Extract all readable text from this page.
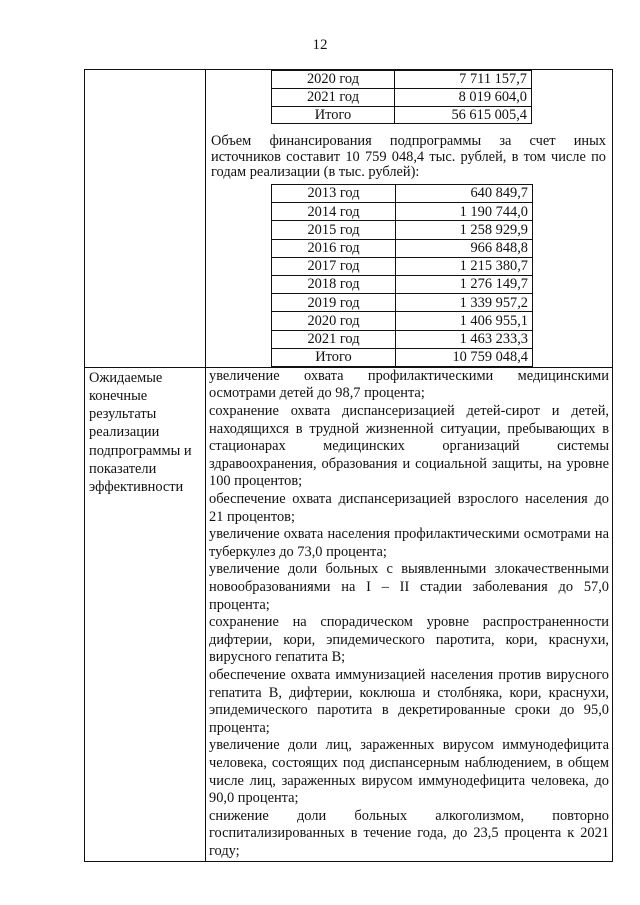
12

2020 год	7 711 157,7
2021 год	8 019 604,0
Итого	56 615 005,4

Объем финансирования подпрограммы за счет иных источников составит 10 759 048,4 тыс. рублей, в том числе по годам реализации (в тыс. рублей):

2013 год	640 849,7
2014 год	1 190 744,0
2015 год	1 258 929,9
2016 год	966 848,8
2017 год	1 215 380,7
2018 год	1 276 149,7
2019 год	1 339 957,2
2020 год	1 406 955,1
2021 год	1 463 233,3
Итого	10 759 048,4

Ожидаемые
конечные
результаты
реализации
подпрограммы и
показатели
эффективности

увеличение охвата профилактическими медицинскими осмотрами детей до 98,7 процента;

сохранение охвата диспансеризацией детей-сирот и детей, находящихся в трудной жизненной ситуации, пребывающих в стационарах медицинских организаций системы здравоохранения, образования и социальной защиты, на уровне 100 процентов;

обеспечение охвата диспансеризацией взрослого населения до 21 процентов;

увеличение охвата населения профилактическими осмотрами на туберкулез до 73,0 процента;

увеличение доли больных с выявленными злокачественными новообразованиями на I – II стадии заболевания до 57,0 процента;

сохранение на спорадическом уровне распространенности дифтерии, кори, эпидемического паротита, кори, краснухи, вирусного гепатита В;

обеспечение охвата иммунизацией населения против вирусного гепатита В, дифтерии, коклюша и столбняка, кори, краснухи, эпидемического паротита в декретированные сроки до 95,0 процента;

увеличение доли лиц, зараженных вирусом иммунодефицита человека, состоящих под диспансерным наблюдением, в общем числе лиц, зараженных вирусом иммунодефицита человека, до 90,0 процента;

снижение доли больных алкоголизмом, повторно госпитализированных в течение года, до 23,5 процента к 2021 году;
